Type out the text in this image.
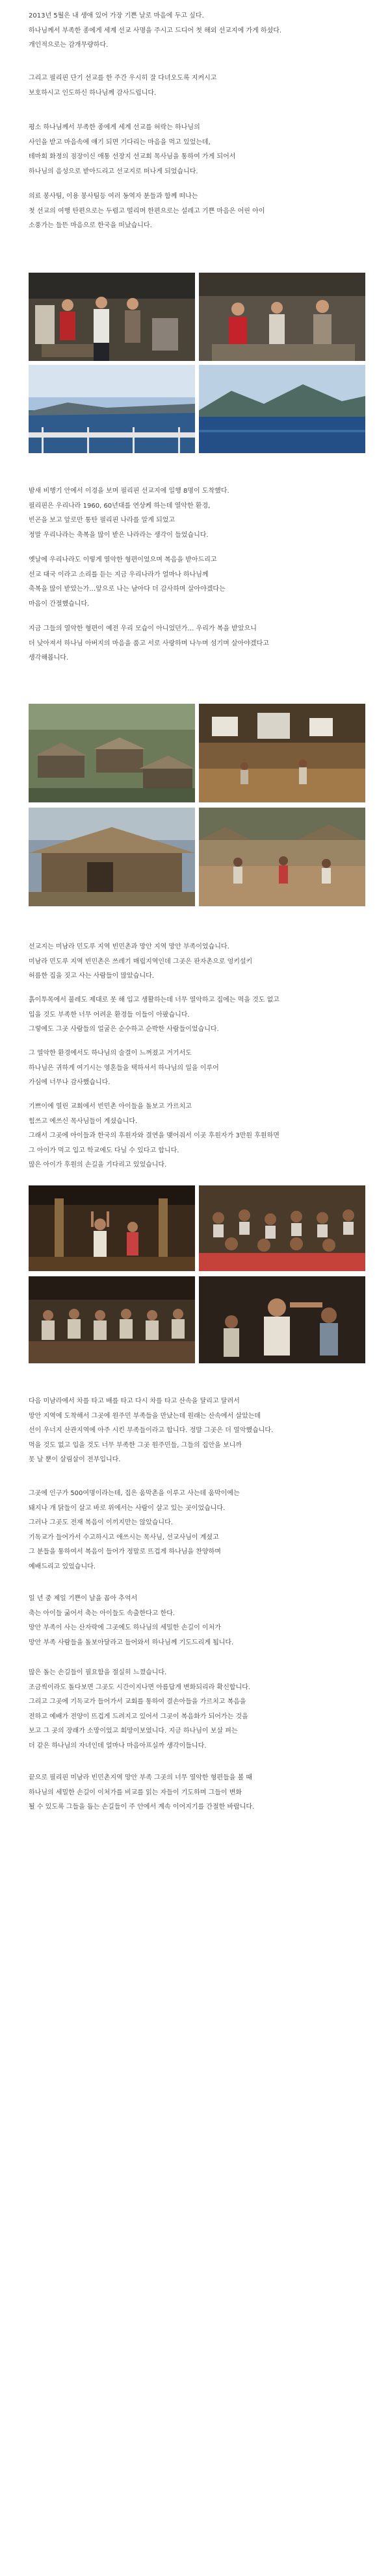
2013년 5월은 내 생애 있어 가장 기쁜 날로 마음에 두고 싶다.

하나님께서 부족한 종에게 세계 선교 사명을 주시고 드디어 첫 해외 선교지에 가게 하셨다.

개인적으로는 감개무량하다.

그리고 필리핀 단기 선교를 한 주간 우시히 잘 다녀오도록 지켜시고

보호하시고 인도하신 하나님께 감사드립니다.

평소 하나님께서 부족한 종에게 세계 선교를 허락는 하나님의

사인을 받고 마음속에 얘기 되면 기다리는 마음을 먹고 있었는데,

테마회 화정의 점장이신 애통 선장지 선교회 목사님을 통하여 가게 되어서

하나님의 음성으로 받아드리고 선교지로 떠나게 되었습니다.

의료 봉사팀, 이용 봉사팀등 여러 동역자 분들과 함께 떠나는

첫 선교의 여행 탄편으로는 두렵고 떨리며 한편으로는 설레고 기쁜 마음은 어린 아이

소풍가는 들뜬 마음으로 한국을 떠났습니다.

밤새 비행기 안에서 이경을 보며 필리핀 선교지에 일행 8명이 도착했다.

필리핀은 우리나라 1960, 60년대를 연상케 하는데 열악한 환경,

빈곤을 보고 앞로만 통탄 필리핀 나라를 알게 되었고

정말 우리나라는 축복을 많이 받은 나라라는 생각이 들었습니다.

옛날에 우리나라도 이렇게 열악한 형편이었으며 복음을 받아드리고

선교 대국 이라고 소리를 듣는 지금 우리나라가 얼마나 하나님께

축복을 많이 받았는가…앞으로 나는 남아다 더 감사하며 살아야겠다는

마음이 간절했습니다.

지금 그들의 열악한 형편이 예전 우리 모습이 아니었던가… 우리가 복을 받았으니

더 낮아져서 하나님 아버지의 마음을 품고 서로 사랑하며 나누며 섬기며 살아야겠다고

생각해봅니다.

선교지는 미남라 민도루 지역 빈민촌과 망안 지역 망안 부족이었습니다.

미남라 민도루 지역 빈민촌은 쓰레기 매립지역인데 그곳은 판자촌으로 엉키설키

허름한 집을 짓고 사는 사람들이 많았습니다.

흙이투목에서 불레도 제대로 못 해 입고 생활하는데 너무 열악하고 집에는 먹을 것도 없고

입을 것도 부족한 너무 어려운 환경들 이들이 아팠습니다.

그렇에도 그곳 사람들의 얼굴은 순수하고 순박한 사람들이었습니다.

그 열악한 환경에서도 하나님의 술결이 느껴졌고 거기서도

하나님은 귀하게 여기시는 영혼들을 택하셔서 하나님의 일을 이루어

가심에 너무나 감사했습니다.

기쁘이에 열린 교회에서 빈민촌 아이들을 돌보고 가르치고

힘쓰고 에쓰신 목사님들이 계셨습니다.

그래서 그곳에 아이들과 한국의 후원자와 결연을 맺어줘서 이곳 후원자가 3만원 후원하면

그 아이가 먹고 입고 학교에도 다닐 수 있다고 합니다.

많은 아이가 후원의 손길을 기다리고 있었습니다.

다음 미남라에서 차를 타고 배를 타고 다시 차를 타고 산속을 달리고 달려서

망안 지역에 도착해서 그곳에 원주민 부족들을 만났는데 원래는 산속에서 살았는데

선이 우너지 산관지역에 아주 시킨 부족들이라고 합니다. 정말 그곳은 더 열악했습니다.

먹을 것도 없고 입을 것도 너무 부족한 그곳 원주민들, 그들의 집안을 보니까

못 날 뿐이 살림살이 전부입니다.

그곳에 인구가 500여명이라는데, 집은 움막촌을 이루고 사는데 움막이에는

돼지나 개 닭들이 살고 바로 위에서는 사람이 살고 있는 곳이었습니다.

그러나 그곳도 전재 복음이 이끼지만는 않았습니다.

기독교가 들어가서 수고하시고 애쓰시는 목사님, 선교사님이 계셨고

그 분들을 통하여서 복음이 들어가 정말로 뜨겁게 하나님을 찬양하며

예배드리고 있었습니다.

일 년 중 제일 기쁜이 날을 꼽아 추억서

축는 아이들 굶어서 축는 아이들도 속출한다고 한다.

망안 부족이 사는 산자락에 그곳에도 하나님의 세밀한 손길이 이처가

망안 부족 사람들을 돌보아달라고 들어와서 하나님께 기도드리게 됩니다.

많은 돌는 손길들이 필요함을 절실히 느꼈습니다.

조금씩이라도 돌다보면 그곳도 시간이지나면 아름답게 변화되리라 확신합니다.

그리고 그곳에 기독교가 들어가서 교회를 통하여 결손아들을 가르치고 복음을

전하고 예배가 전양이 뜨겁게 드려지고 있어서 그곳이 복음화가 되어가는 것을

보고 그 곳의 장래가 소망이었고 희망이보였니다. 지금 하나님이 보살 펴는

더 같은 하나님의 자녀인데 얼마나 마음아프실까 생각이들니다.

끝으로 필리핀 미남라 빈민촌지역 망안 부족 그곳의 너무 열악한 형편들을 볼 때

하나님의 세밀한 손길이 이처가를 비교를 읽는 자들이 기도하며 그들이 변화

될 수 있도록 그들을 돕는 손길들이 주 안에서 계속 이어지기를 간절한 바랍니다.
